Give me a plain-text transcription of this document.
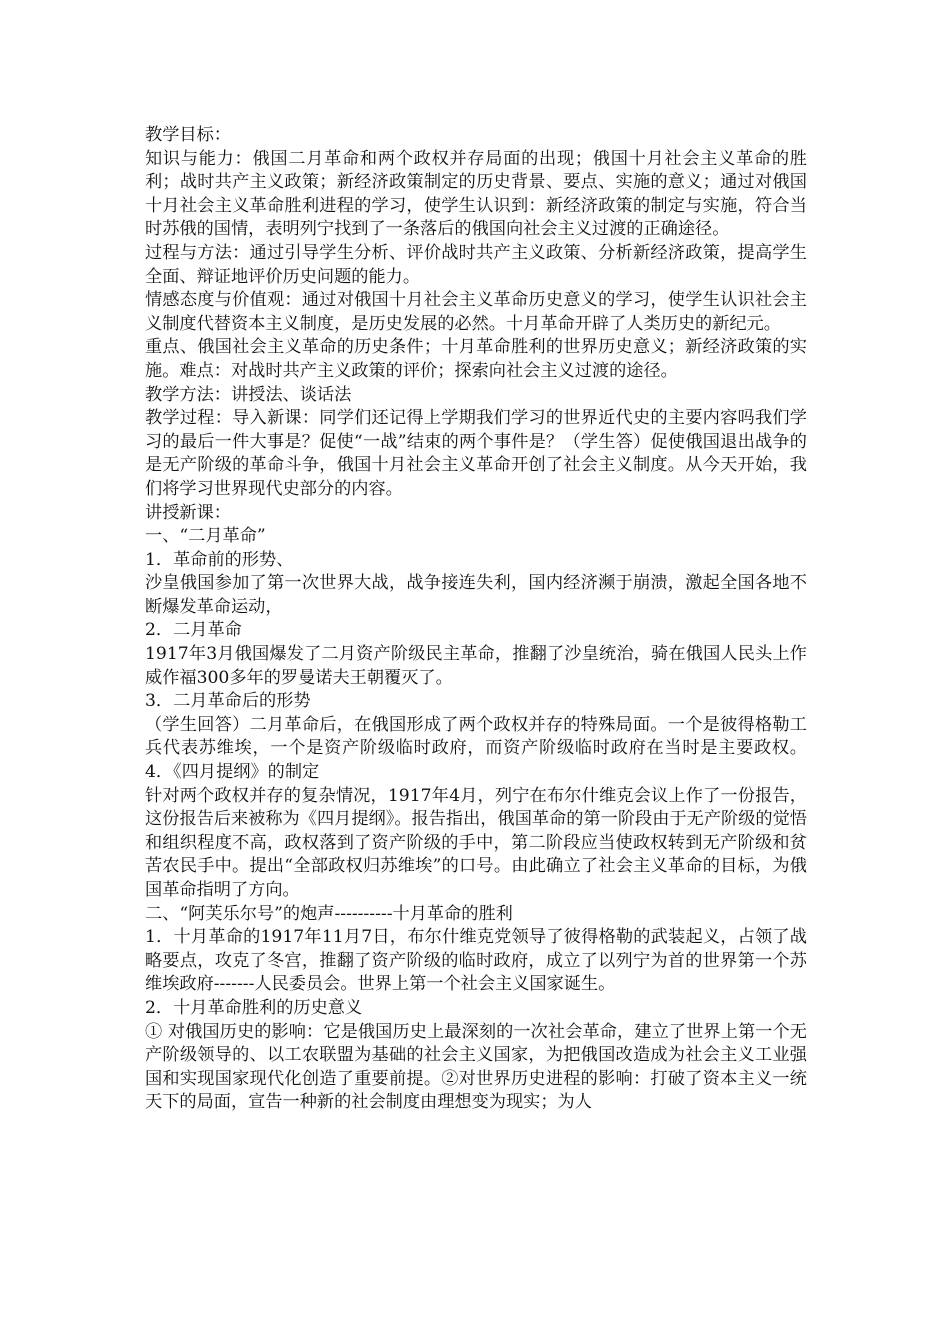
教学目标：

知识与能力：俄国二月革命和两个政权并存局面的出现；俄国十月社会主义革命的胜利；战时共产主义政策；新经济政策制定的历史背景、要点、实施的意义；通过对俄国十月社会主义革命胜利进程的学习，使学生认识到：新经济政策的制定与实施，符合当时苏俄的国情，表明列宁找到了一条落后的俄国向社会主义过渡的正确途径。

过程与方法：通过引导学生分析、评价战时共产主义政策、分析新经济政策，提高学生全面、辩证地评价历史问题的能力。

情感态度与价值观：通过对俄国十月社会主义革命历史意义的学习，使学生认识社会主义制度代替资本主义制度，是历史发展的必然。十月革命开辟了人类历史的新纪元。

重点、俄国社会主义革命的历史条件；十月革命胜利的世界历史意义；新经济政策的实施。难点：对战时共产主义政策的评价；探索向社会主义过渡的途径。

教学方法：讲授法、谈话法

教学过程：导入新课：同学们还记得上学期我们学习的世界近代史的主要内容吗我们学习的最后一件大事是？促使“一战”结束的两个事件是？（学生答）促使俄国退出战争的是无产阶级的革命斗争，俄国十月社会主义革命开创了社会主义制度。从今天开始，我们将学习世界现代史部分的内容。

讲授新课：

一、“二月革命”

1．革命前的形势、

沙皇俄国参加了第一次世界大战，战争接连失利，国内经济濒于崩溃，激起全国各地不断爆发革命运动，

2．二月革命

1917年3月俄国爆发了二月资产阶级民主革命，推翻了沙皇统治，骑在俄国人民头上作威作福300多年的罗曼诺夫王朝覆灭了。

3．二月革命后的形势

（学生回答）二月革命后，在俄国形成了两个政权并存的特殊局面。一个是彼得格勒工兵代表苏维埃，一个是资产阶级临时政府，而资产阶级临时政府在当时是主要政权。4．《四月提纲》的制定

针对两个政权并存的复杂情况，1917年4月，列宁在布尔什维克会议上作了一份报告，这份报告后来被称为《四月提纲》。报告指出，俄国革命的第一阶段由于无产阶级的觉悟和组织程度不高，政权落到了资产阶级的手中，第二阶段应当使政权转到无产阶级和贫苦农民手中。提出“全部政权归苏维埃”的口号。由此确立了社会主义革命的目标，为俄国革命指明了方向。

二、“阿芙乐尔号”的炮声----------十月革命的胜利

1．十月革命的1917年11月7日，布尔什维克党领导了彼得格勒的武装起义，占领了战略要点，攻克了冬宫，推翻了资产阶级的临时政府，成立了以列宁为首的世界第一个苏维埃政府-------人民委员会。世界上第一个社会主义国家诞生。

2．十月革命胜利的历史意义

① 对俄国历史的影响：它是俄国历史上最深刻的一次社会革命，建立了世界上第一个无产阶级领导的、以工农联盟为基础的社会主义国家，为把俄国改造成为社会主义工业强国和实现国家现代化创造了重要前提。②对世界历史进程的影响：打破了资本主义一统天下的局面，宣告一种新的社会制度由理想变为现实；为人
